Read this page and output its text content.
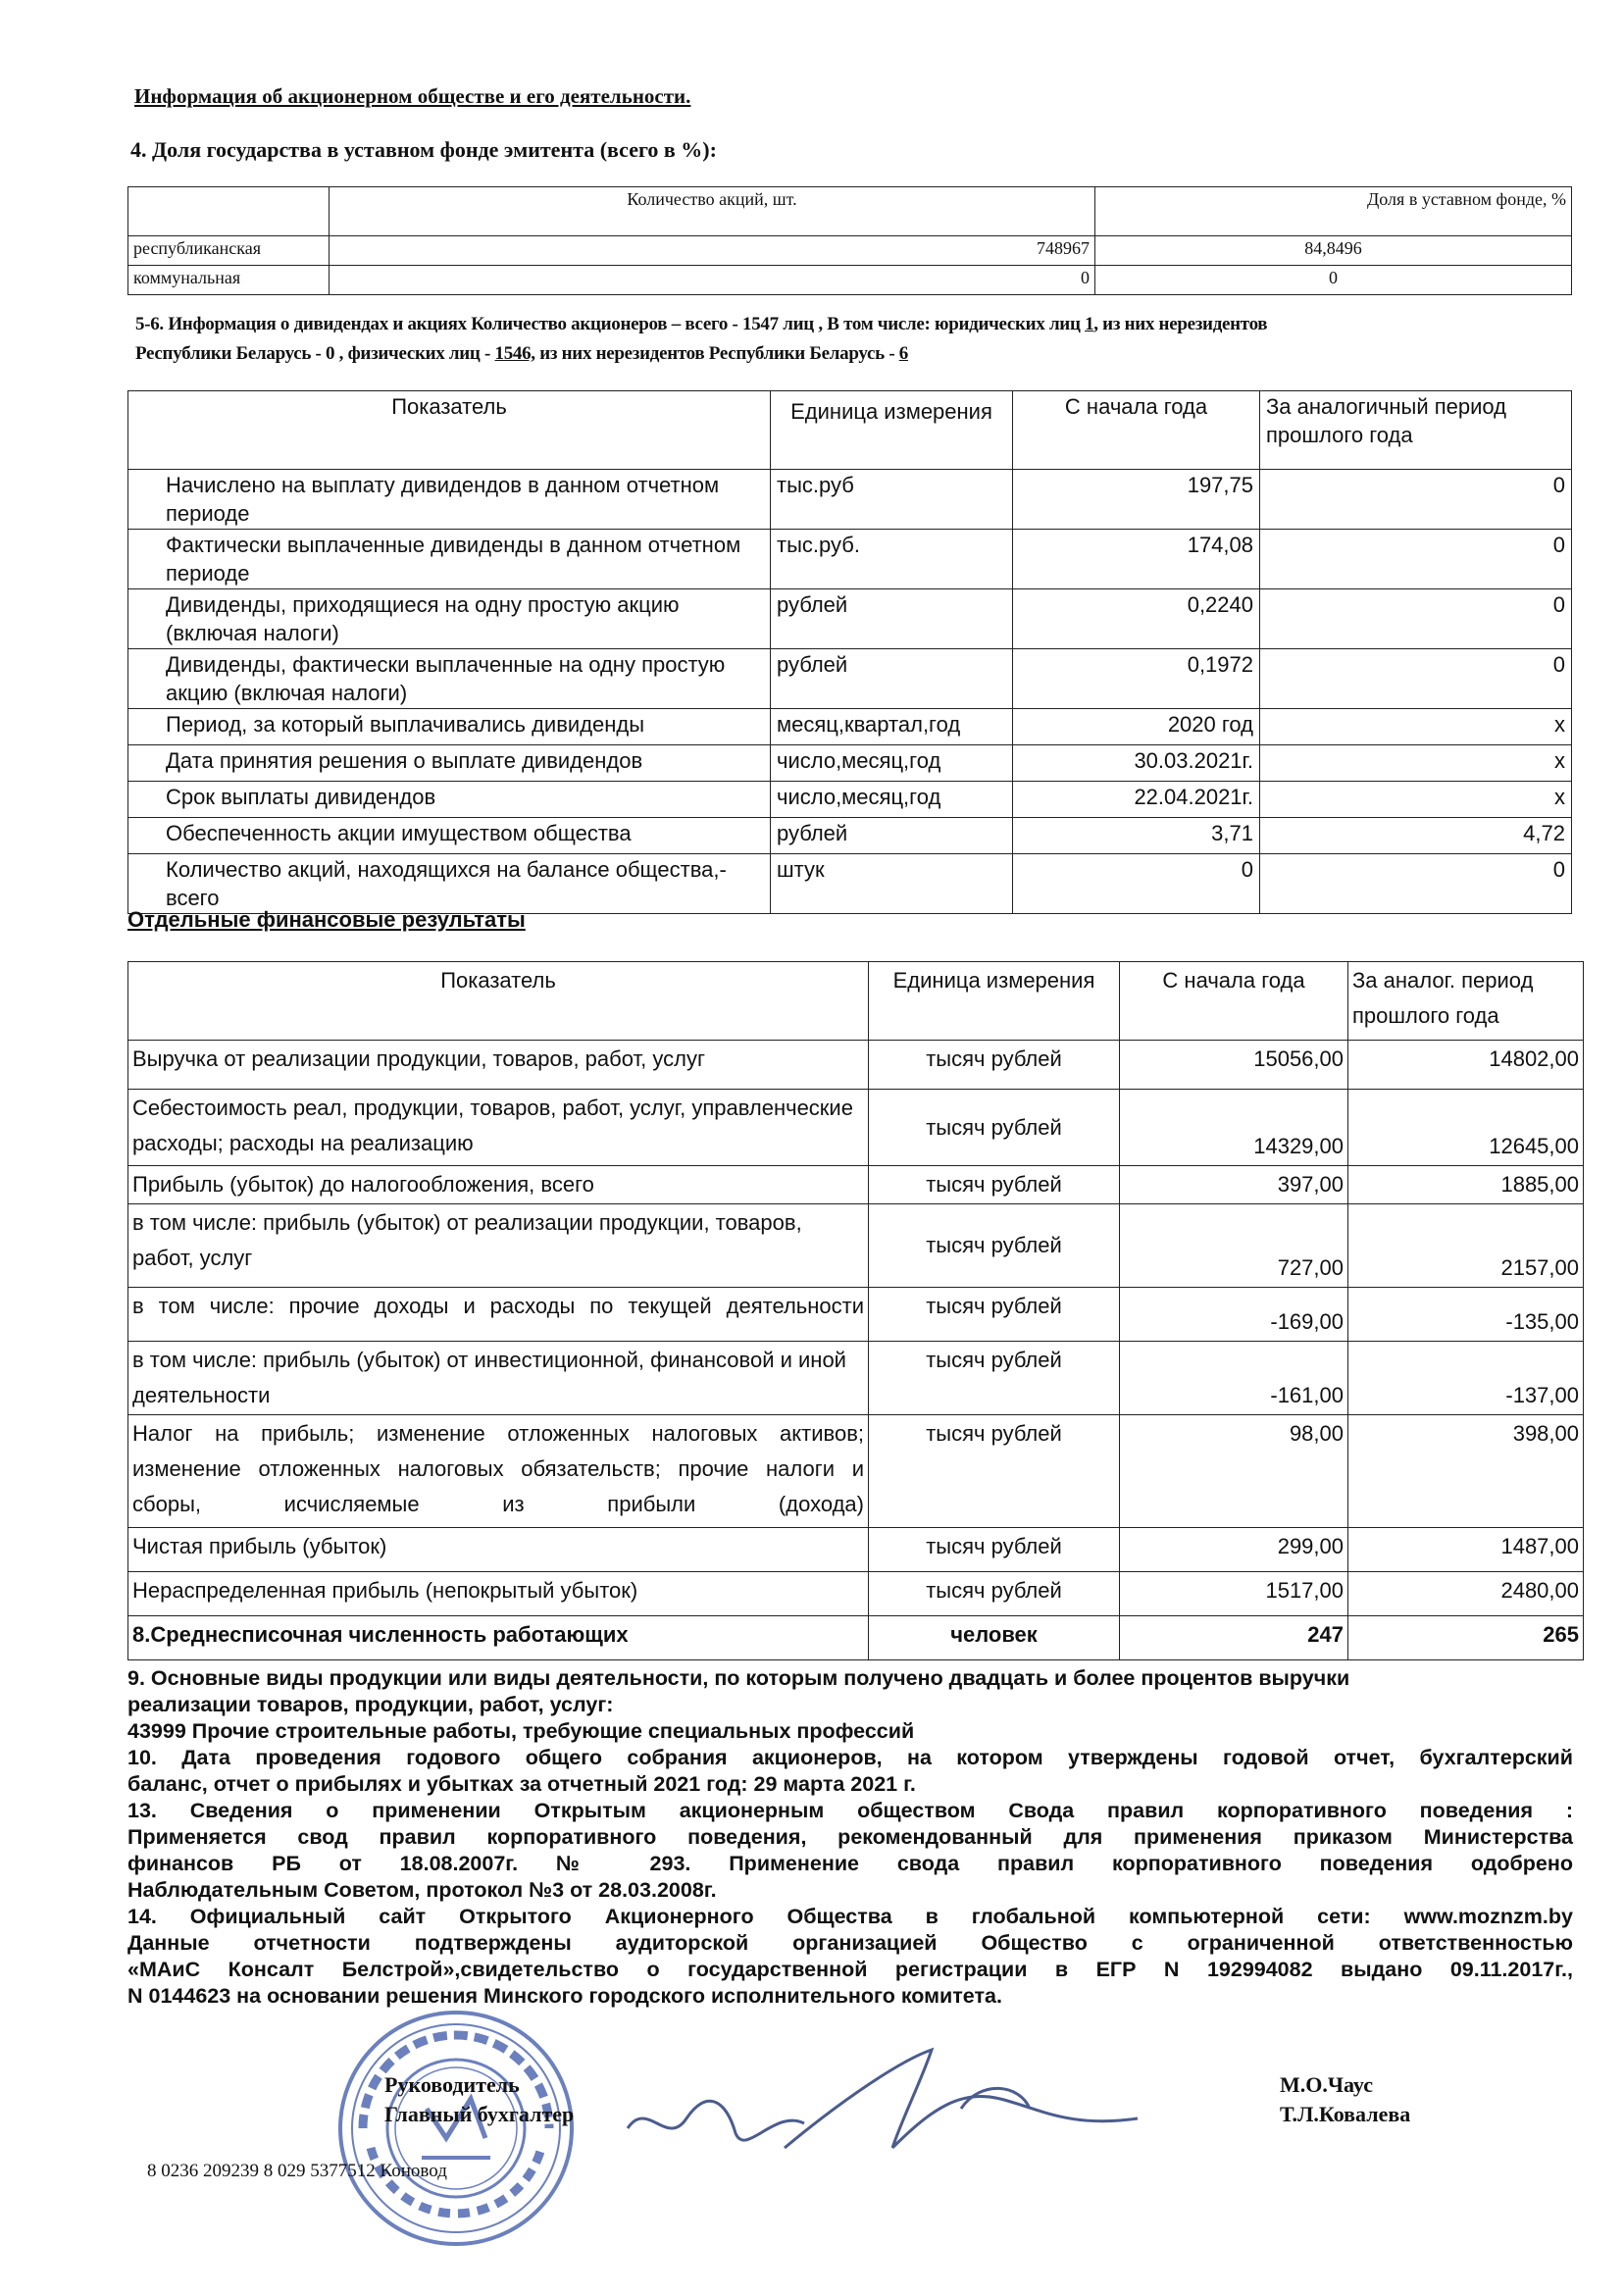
Информация об акционерном обществе и его деятельности.
4. Доля государства в уставном фонде эмитента (всего в %):
	Количество акций, шт.	Доля в уставном фонде, %
республиканская	748967	84,8496
коммунальная	0	0
5-6. Информация о дивидендах и акциях Количество акционеров – всего - 1547 лиц , В том числе: юридических лиц 1, из них нерезидентов
Республики Беларусь - 0 , физических лиц - 1546, из них нерезидентов Республики Беларусь - 6
Показатель	Единица измерения	С начала года	За аналогичный период прошлого года
Начислено на выплату дивидендов в данном отчетном периоде	тыс.руб	197,75	0
Фактически выплаченные дивиденды в данном отчетном периоде	тыс.руб.	174,08	0
Дивиденды, приходящиеся на одну простую акцию (включая налоги)	рублей	0,2240	0
Дивиденды, фактически выплаченные на одну простую акцию (включая налоги)	рублей	0,1972	0
Период, за который выплачивались дивиденды	месяц,квартал,год	2020 год	x
Дата принятия решения о выплате дивидендов	число,месяц,год	30.03.2021г.	x
Срок выплаты дивидендов	число,месяц,год	22.04.2021г.	x
Обеспеченность акции имуществом общества	рублей	3,71	4,72
Количество акций, находящихся на балансе общества,- всего	штук	0	0
Отдельные финансовые результаты
Показатель	Единица измерения	С начала года	За аналог. период прошлого года
Выручка от реализации продукции, товаров, работ, услуг	тысяч рублей	15056,00	14802,00
Себестоимость реал, продукции, товаров, работ, услуг, управленческие расходы; расходы на реализацию	тысяч рублей	14329,00	12645,00
Прибыль (убыток) до налогообложения, всего	тысяч рублей	397,00	1885,00
в том числе: прибыль (убыток) от реализации продукции, товаров, работ, услуг	тысяч рублей	727,00	2157,00
в том числе: прочие доходы и расходы по текущей деятельности	тысяч рублей	-169,00	-135,00
в том числе: прибыль (убыток) от инвестиционной, финансовой и иной деятельности	тысяч рублей	-161,00	-137,00
Налог на прибыль; изменение отложенных налоговых активов; изменение отложенных налоговых обязательств; прочие налоги и сборы, исчисляемые из прибыли (дохода)	тысяч рублей	98,00	398,00
Чистая прибыль (убыток)	тысяч рублей	299,00	1487,00
Нераспределенная прибыль (непокрытый убыток)	тысяч рублей	1517,00	2480,00
8.Среднесписочная численность работающих	человек	247	265

9. Основные виды продукции или виды деятельности, по которым получено двадцать и более процентов выручки

реализации товаров, продукции, работ, услуг:

43999 Прочие строительные работы, требующие специальных профессий

10. Дата проведения годового общего собрания акционеров, на котором утверждены годовой отчет, бухгалтерский

баланс, отчет о прибылях и убытках за отчетный 2021 год: 29 марта 2021 г.

13. Сведения о применении Открытым акционерным обществом Свода правил корпоративного поведения :

Применяется свод правил корпоративного поведения, рекомендованный для применения приказом Министерства

финансов РБ от 18.08.2007г. № 293. Применение свода правил корпоративного поведения одобрено

Наблюдательным Советом, протокол №3 от 28.03.2008г.

14. Официальный сайт Открытого Акционерного Общества в глобальной компьютерной сети: www.moznzm.by

Данные отчетности подтверждены аудиторской организацией Общество с ограниченной ответственностью

«МАиС Консалт Белстрой»,свидетельство о государственной регистрации в ЕГР N 192994082 выдано 09.11.2017г.,

N 0144623 на основании решения Минского городского исполнительного комитета.

Руководитель
Главный бухгалтер
М.О.Чаус
Т.Л.Ковалева
8 0236 209239 8 029 5377512 Коновод
